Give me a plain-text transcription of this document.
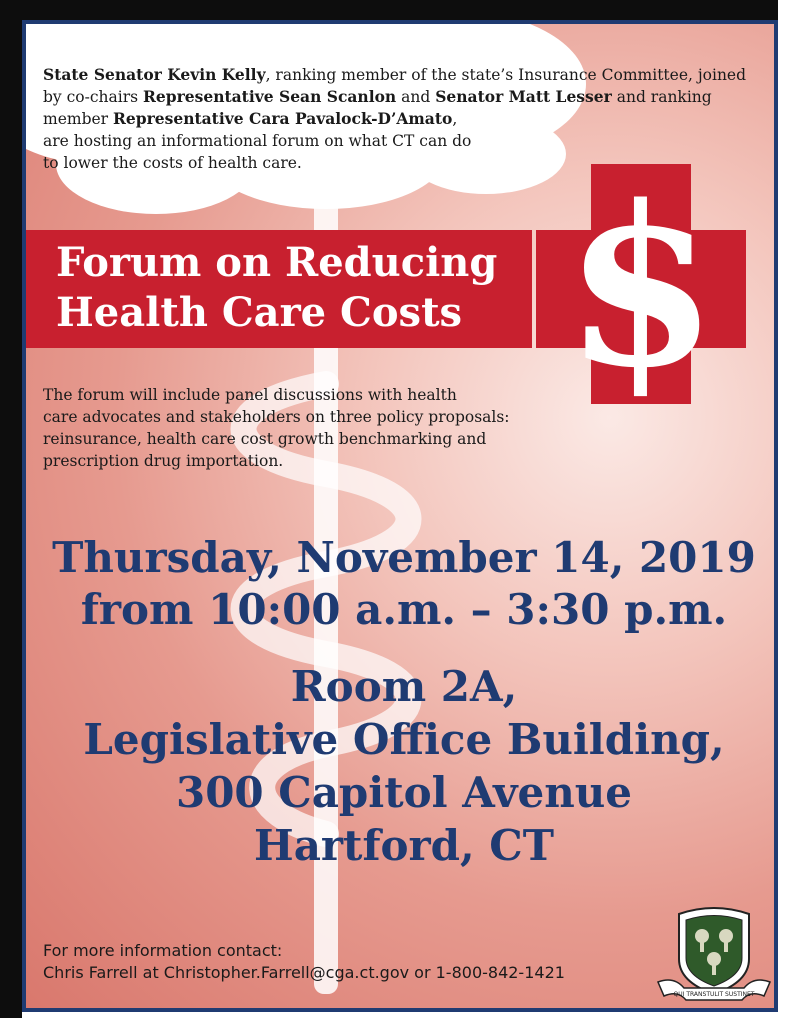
State Senator Kevin Kelly, ranking member of the state’s Insurance Committee, joined by co-chairs Representative Sean Scanlon and Senator Matt Lesser and ranking member Representative Cara Pavalock-D’Amato,
are hosting an informational forum on what CT can do
to lower the costs of health care.
Forum on Reducing
Health Care Costs $
The forum will include panel discussions with health
care advocates and stakeholders on three policy proposals:
reinsurance, health care cost growth benchmarking and
prescription drug importation.
Thursday, November 14, 2019
from 10:00 a.m. – 3:30 p.m.
Room 2A,
Legislative Office Building,
300 Capitol Avenue
Hartford, CT
For more information contact:
Chris Farrell at Christopher.Farrell@cga.ct.gov or 1-800-842-1421
QUI TRANSTULIT SUSTINET
